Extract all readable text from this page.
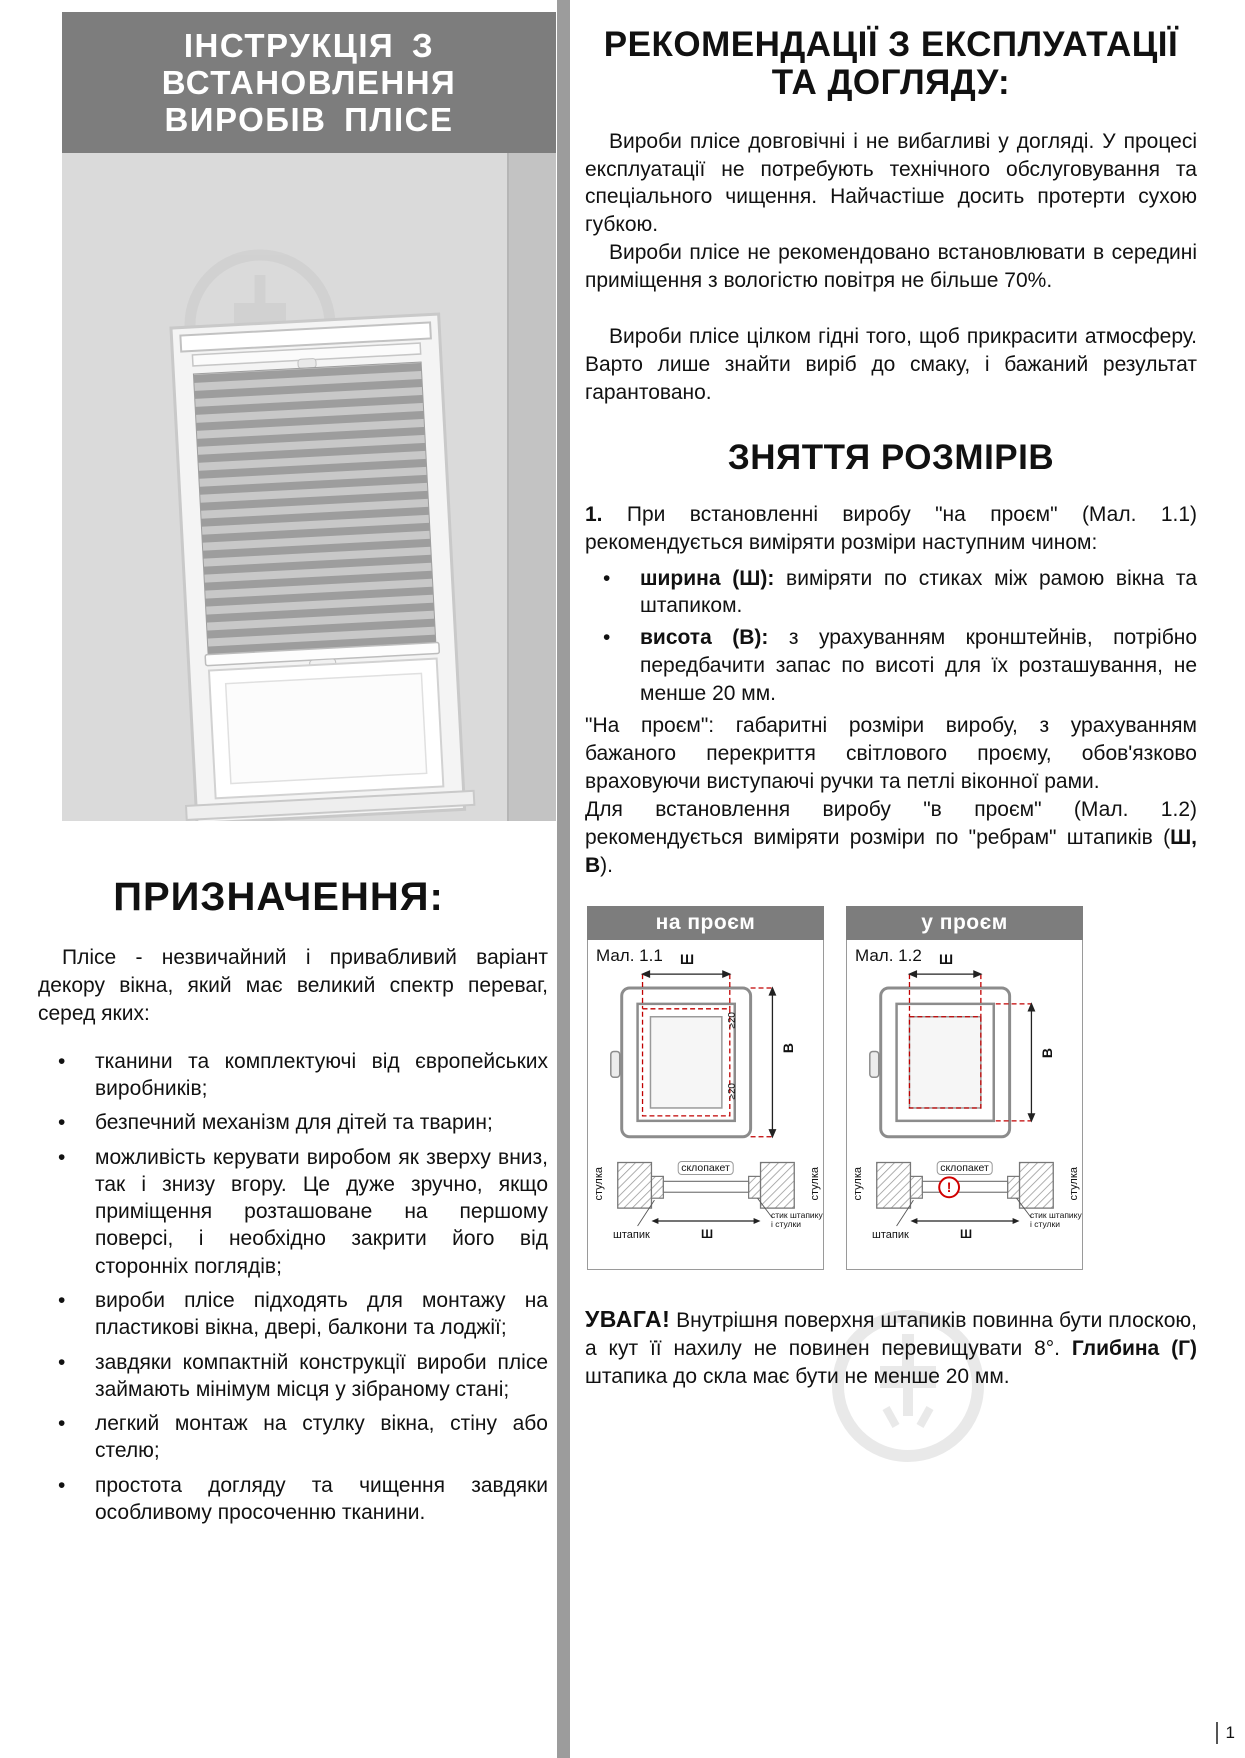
ІНСТРУКЦІЯ З ВСТАНОВЛЕННЯ
ВИРОБІВ ПЛІСЕ
ПРИЗНАЧЕННЯ:

Плісе - незвичайний і привабливий варіант декору вікна, який має великий спектр переваг, серед яких:

• тканини та комплектуючі від європейських виробників;
• безпечний механізм для дітей та тварин;
• можливість керувати виробом як зверху вниз, так і знизу вгору. Це дуже зручно, якщо приміщення розташоване на першому поверсі, і необхідно закрити його від сторонніх поглядів;
• вироби плісе підходять для монтажу на пластикові вікна, двері, балкони та лоджії;
• завдяки компактній конструкції вироби плісе займають мінімум місця у зібраному стані;
• легкий монтаж на стулку вікна, стіну або стелю;
• простота догляду та чищення завдяки особливому просоченню тканини.
РЕКОМЕНДАЦІЇ З ЕКСПЛУАТАЦІЇ
ТА ДОГЛЯДУ:

Вироби плісе довговічні і не вибагливі у догляді. У процесі експлуатації не потребують технічного обслуговування та спеціального чищення. Найчастіше досить протерти сухою губкою.

Вироби плісе не рекомендовано встановлювати в середині приміщення з вологістю повітря не більше 70%.

Вироби плісе цілком гідні того, щоб прикрасити атмосферу. Варто лише знайти виріб до смаку, і бажаний результат гарантовано.

ЗНЯТТЯ РОЗМІРІВ

1. При встановленні виробу "на проєм" (Мал. 1.1) рекомендується виміряти розміри наступним чином:

• ширина (Ш): виміряти по стиках між рамою вікна та штапиком.
• висота (В): з урахуванням кронштейнів, потрібно передбачити запас по висоті для їх розташування, не менше 20 мм.

"На проєм": габаритні розміри виробу, з урахуванням бажаного перекриття світлового проєму, обов'язково враховуючи виступаючі ручки та петлі віконної рами.

Для встановлення виробу "в проєм" (Мал. 1.2) рекомендується виміряти розміри по "ребрам" штапиків (Ш, В).

на проєм
Мал. 1.1	Ш
В
≥20
≥20
склопакет
стулка	стулка
штапик	Ш
стик штапику і стулки
у проєм
Мал. 1.2
!
Ш
В
склопакет
стулка	стулка
штапик	Ш
стик штапику і стулки

УВАГА! Внутрішня поверхня штапиків повинна бути плоскою, а кут її нахилу не повинен перевищувати 8°. Глибина (Г) штапика до скла має бути не менше 20 мм.

1
